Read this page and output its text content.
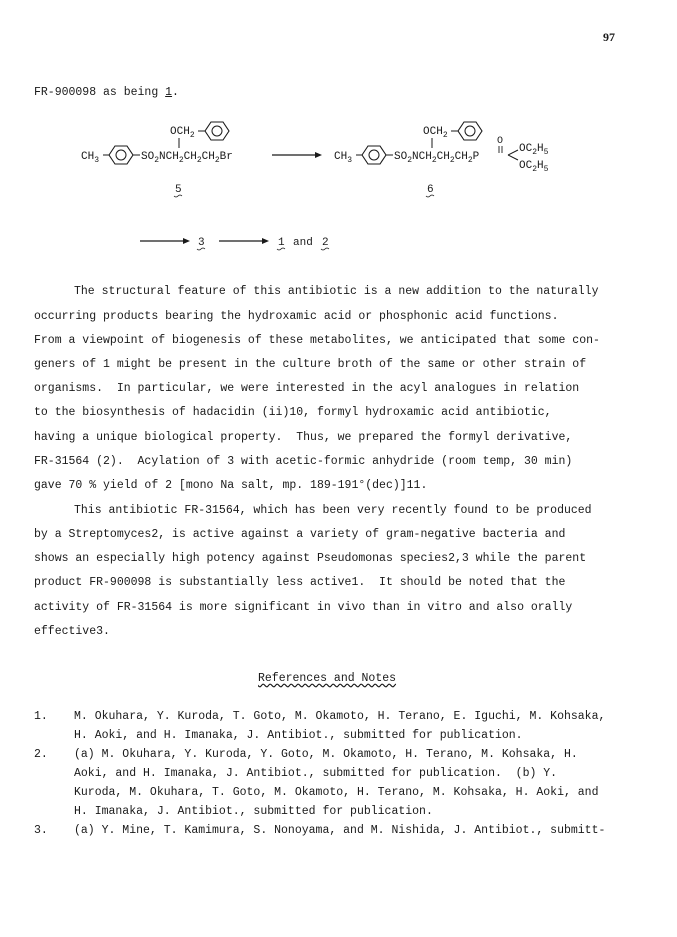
97
FR-900098 as being 1.
$CH_3$	$SO_2NCH_2CH_2CH_2Br$
$OCH_2$
5
$CH_3$	$SO_2NCH_2CH_2CH_2P$
$OCH_2$
O
$OC_2H_5$
$OC_2H_5$
6
3	1 and 2
The structural feature of this antibiotic is a new addition to the naturally
occurring products bearing the hydroxamic acid or phosphonic acid functions.
From a viewpoint of biogenesis of these metabolites, we anticipated that some con-
geners of 1 might be present in the culture broth of the same or other strain of
organisms.  In particular, we were interested in the acyl analogues in relation
to the biosynthesis of hadacidin (ii)10, formyl hydroxamic acid antibiotic,
having a unique biological property.  Thus, we prepared the formyl derivative,
FR-31564 (2).  Acylation of 3 with acetic-formic anhydride (room temp, 30 min)
gave 70 % yield of 2 [mono Na salt, mp. 189-191°(dec)]11.
This antibiotic FR-31564, which has been very recently found to be produced
by a Streptomyces2, is active against a variety of gram-negative bacteria and
shows an especially high potency against Pseudomonas species2,3 while the parent
product FR-900098 is substantially less active1.  It should be noted that the
activity of FR-31564 is more significant in vivo than in vitro and also orally
effective3.
References and Notes
1. M. Okuhara, Y. Kuroda, T. Goto, M. Okamoto, H. Terano, E. Iguchi, M. Kohsaka,
H. Aoki, and H. Imanaka, J. Antibiot., submitted for publication.
2. (a) M. Okuhara, Y. Kuroda, Y. Goto, M. Okamoto, H. Terano, M. Kohsaka, H.
Aoki, and H. Imanaka, J. Antibiot., submitted for publication.  (b) Y.
Kuroda, M. Okuhara, T. Goto, M. Okamoto, H. Terano, M. Kohsaka, H. Aoki, and
H. Imanaka, J. Antibiot., submitted for publication.
3. (a) Y. Mine, T. Kamimura, S. Nonoyama, and M. Nishida, J. Antibiot., submitt-
